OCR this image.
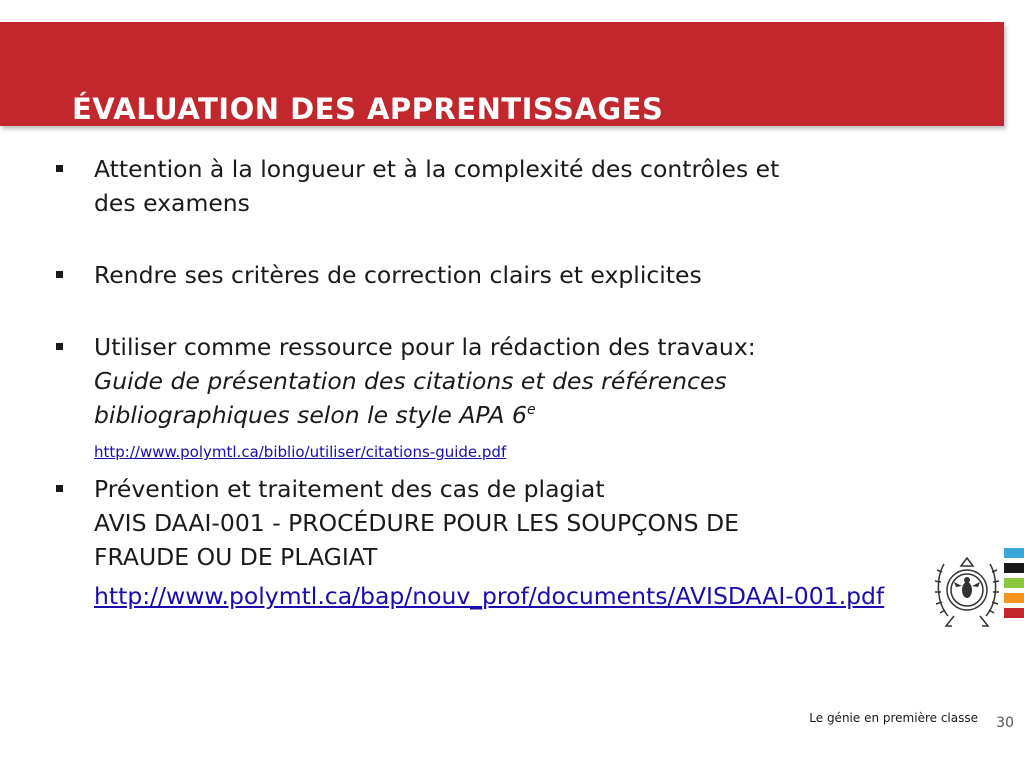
ÉVALUATION DES APPRENTISSAGES
Attention à la longueur et à la complexité des contrôles et
des examens
Rendre ses critères de correction clairs et explicites
Utiliser comme ressource pour la rédaction des travaux:
Guide de présentation des citations et des références
bibliographiques selon le style APA 6e
http://www.polymtl.ca/biblio/utiliser/citations-guide.pdf
Prévention et traitement des cas de plagiat
AVIS DAAI-001 - PROCÉDURE POUR LES SOUPÇONS DE
FRAUDE OU DE PLAGIAT
http://www.polymtl.ca/bap/nouv_prof/documents/AVISDAAI-001.pdf
Le génie en première classe 30
